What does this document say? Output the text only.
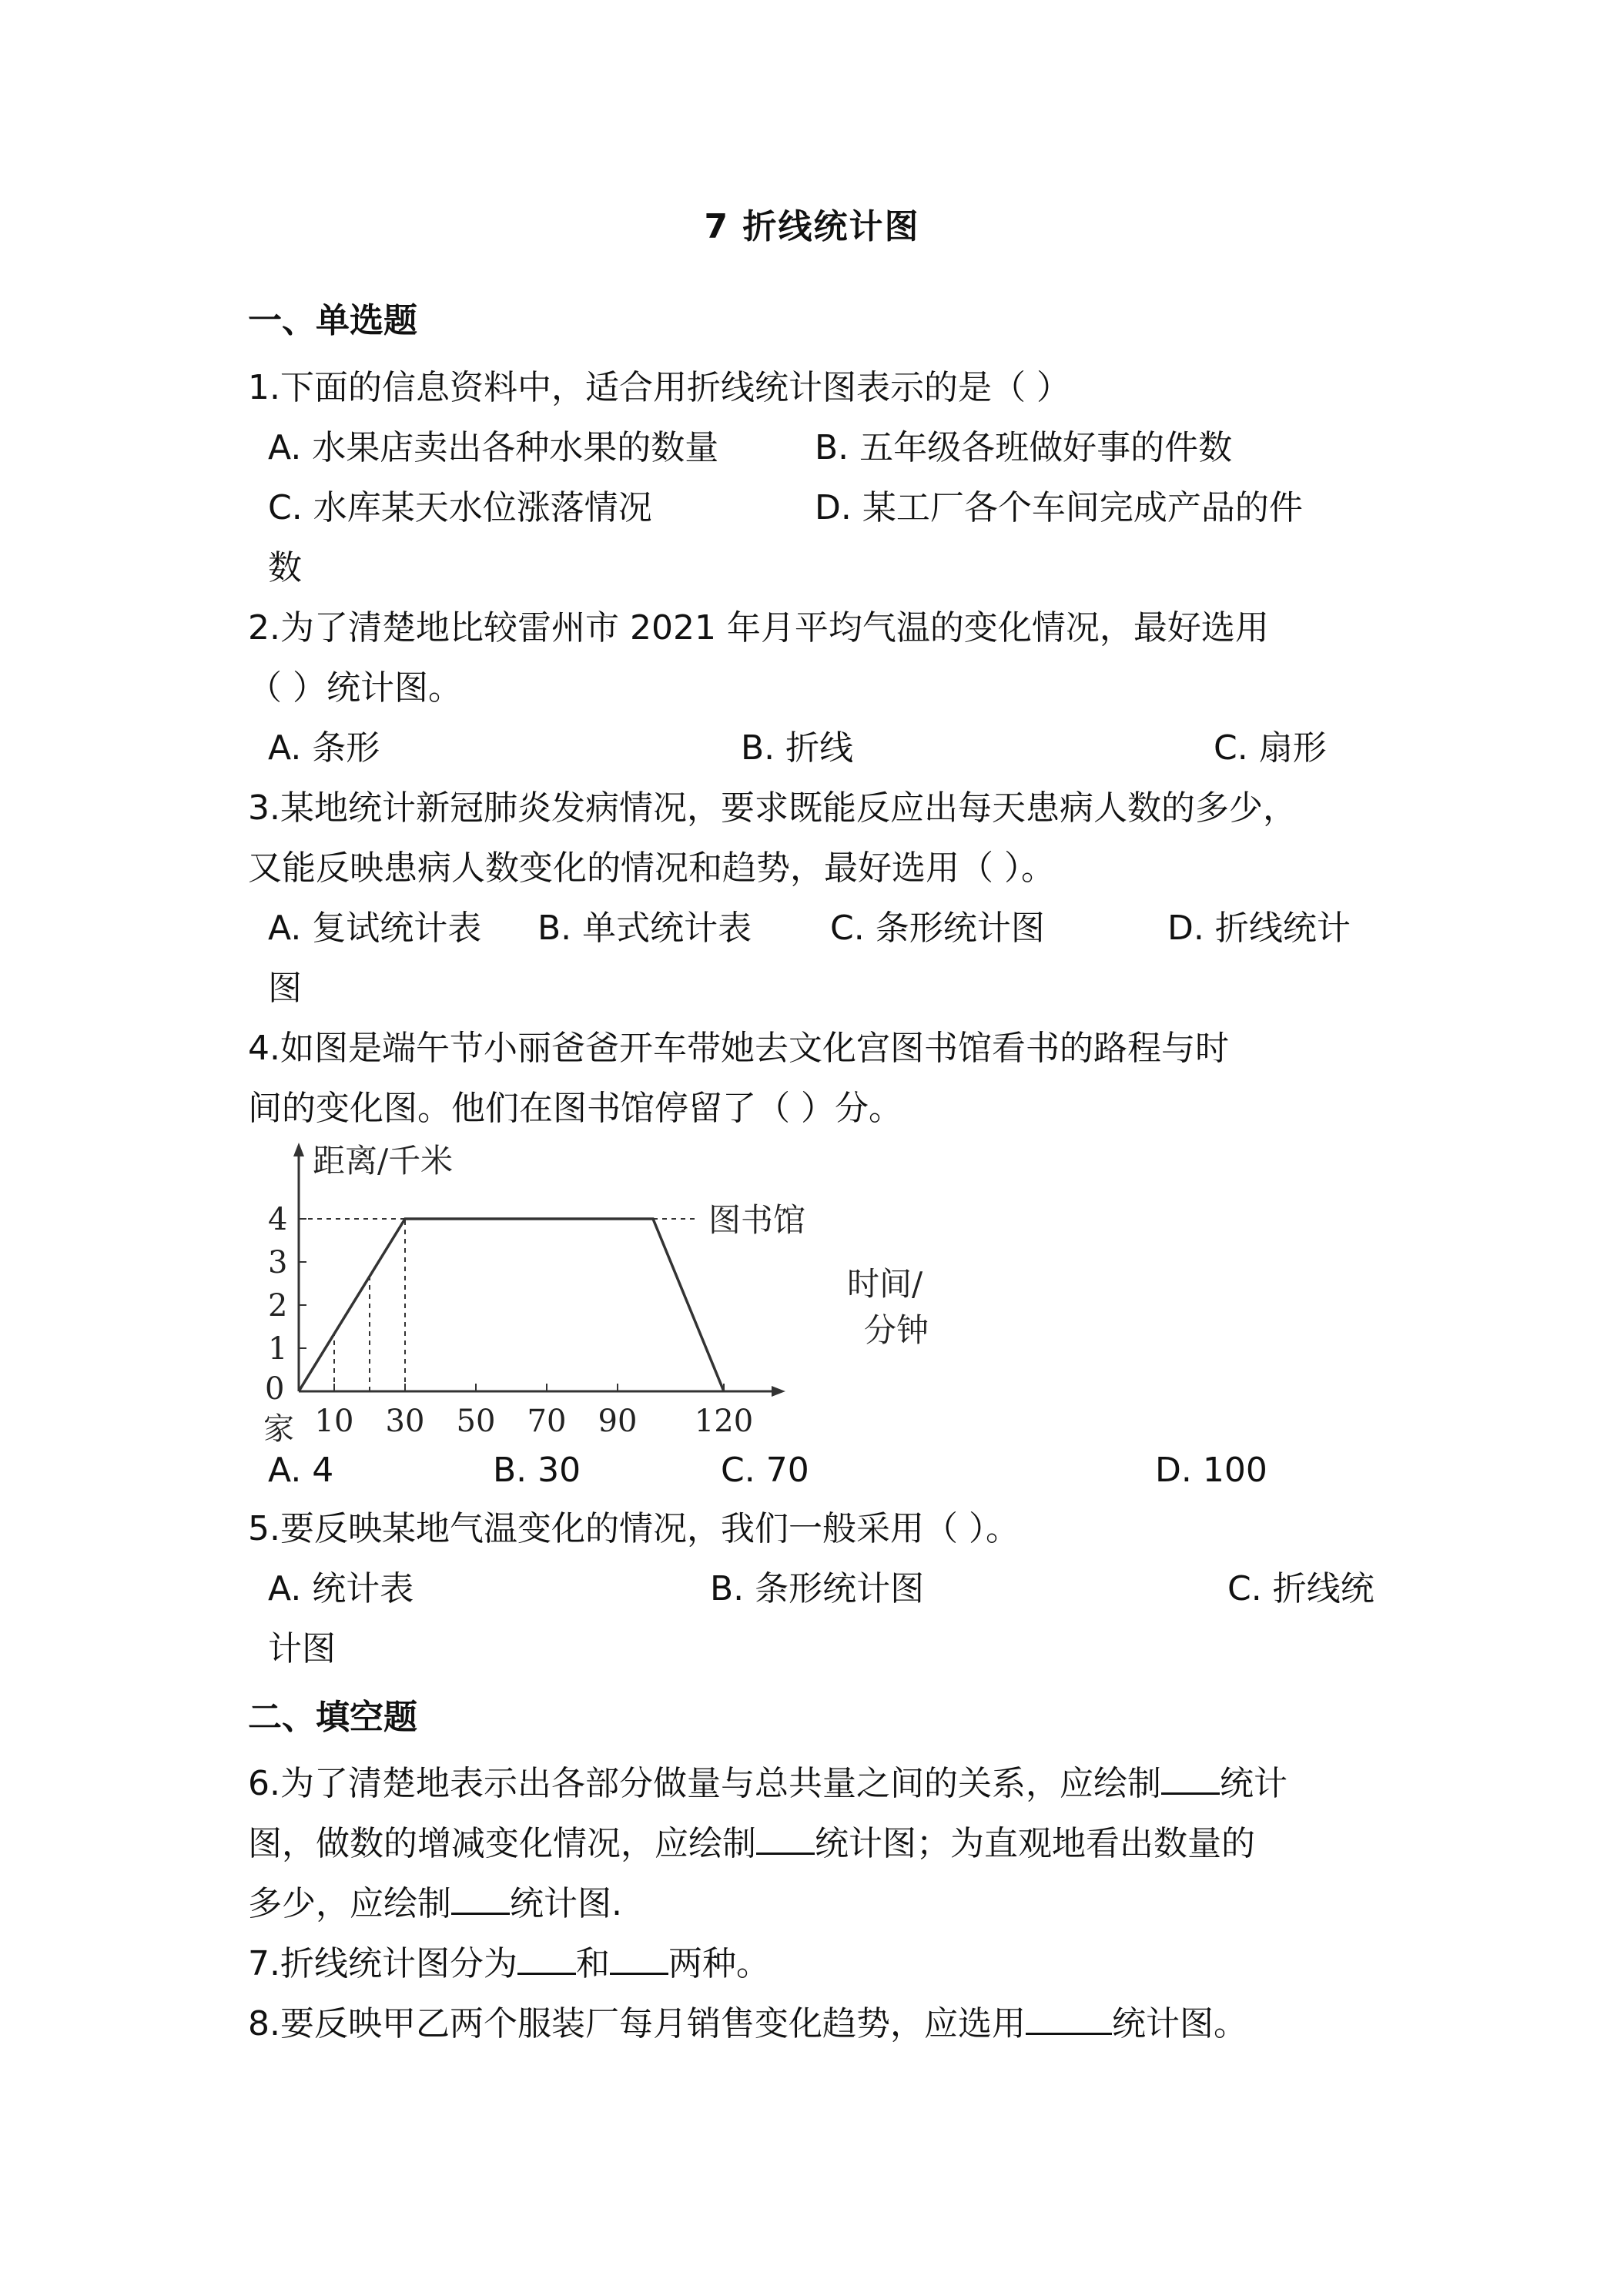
7 折线统计图
一、单选题
1.下面的信息资料中，适合用折线统计图表示的是（ ）
A. 水果店卖出各种水果的数量	B. 五年级各班做好事的件数
C. 水库某天水位涨落情况	D. 某工厂各个车间完成产品的件
数
2.为了清楚地比较雷州市 2021 年月平均气温的变化情况，最好选用
（ ）统计图。
A. 条形	B. 折线	C. 扇形
3.某地统计新冠肺炎发病情况，要求既能反应出每天患病人数的多少，
又能反映患病人数变化的情况和趋势，最好选用（ ）。
A. 复试统计表 B. 单式统计表 C. 条形统计图	D. 折线统计
图
4.如图是端午节小丽爸爸开车带她去文化宫图书馆看书的路程与时
间的变化图。他们在图书馆停留了（ ）分。
1
2
3
4
10 30 50 70 90 120
0
家
距离/千米
时间/
分钟
图书馆
A. 4	B. 30	C. 70	D. 100
5.要反映某地气温变化的情况，我们一般采用（ ）。
A. 统计表	B. 条形统计图	C. 折线统
计图
二、填空题
6.为了清楚地表示出各部分做量与总共量之间的关系，应绘制 统计
图，做数的增减变化情况，应绘制 统计图；为直观地看出数量的
多少，应绘制 统计图.
7.折线统计图分为 和 两种。
8.要反映甲乙两个服装厂每月销售变化趋势，应选用	统计图。
